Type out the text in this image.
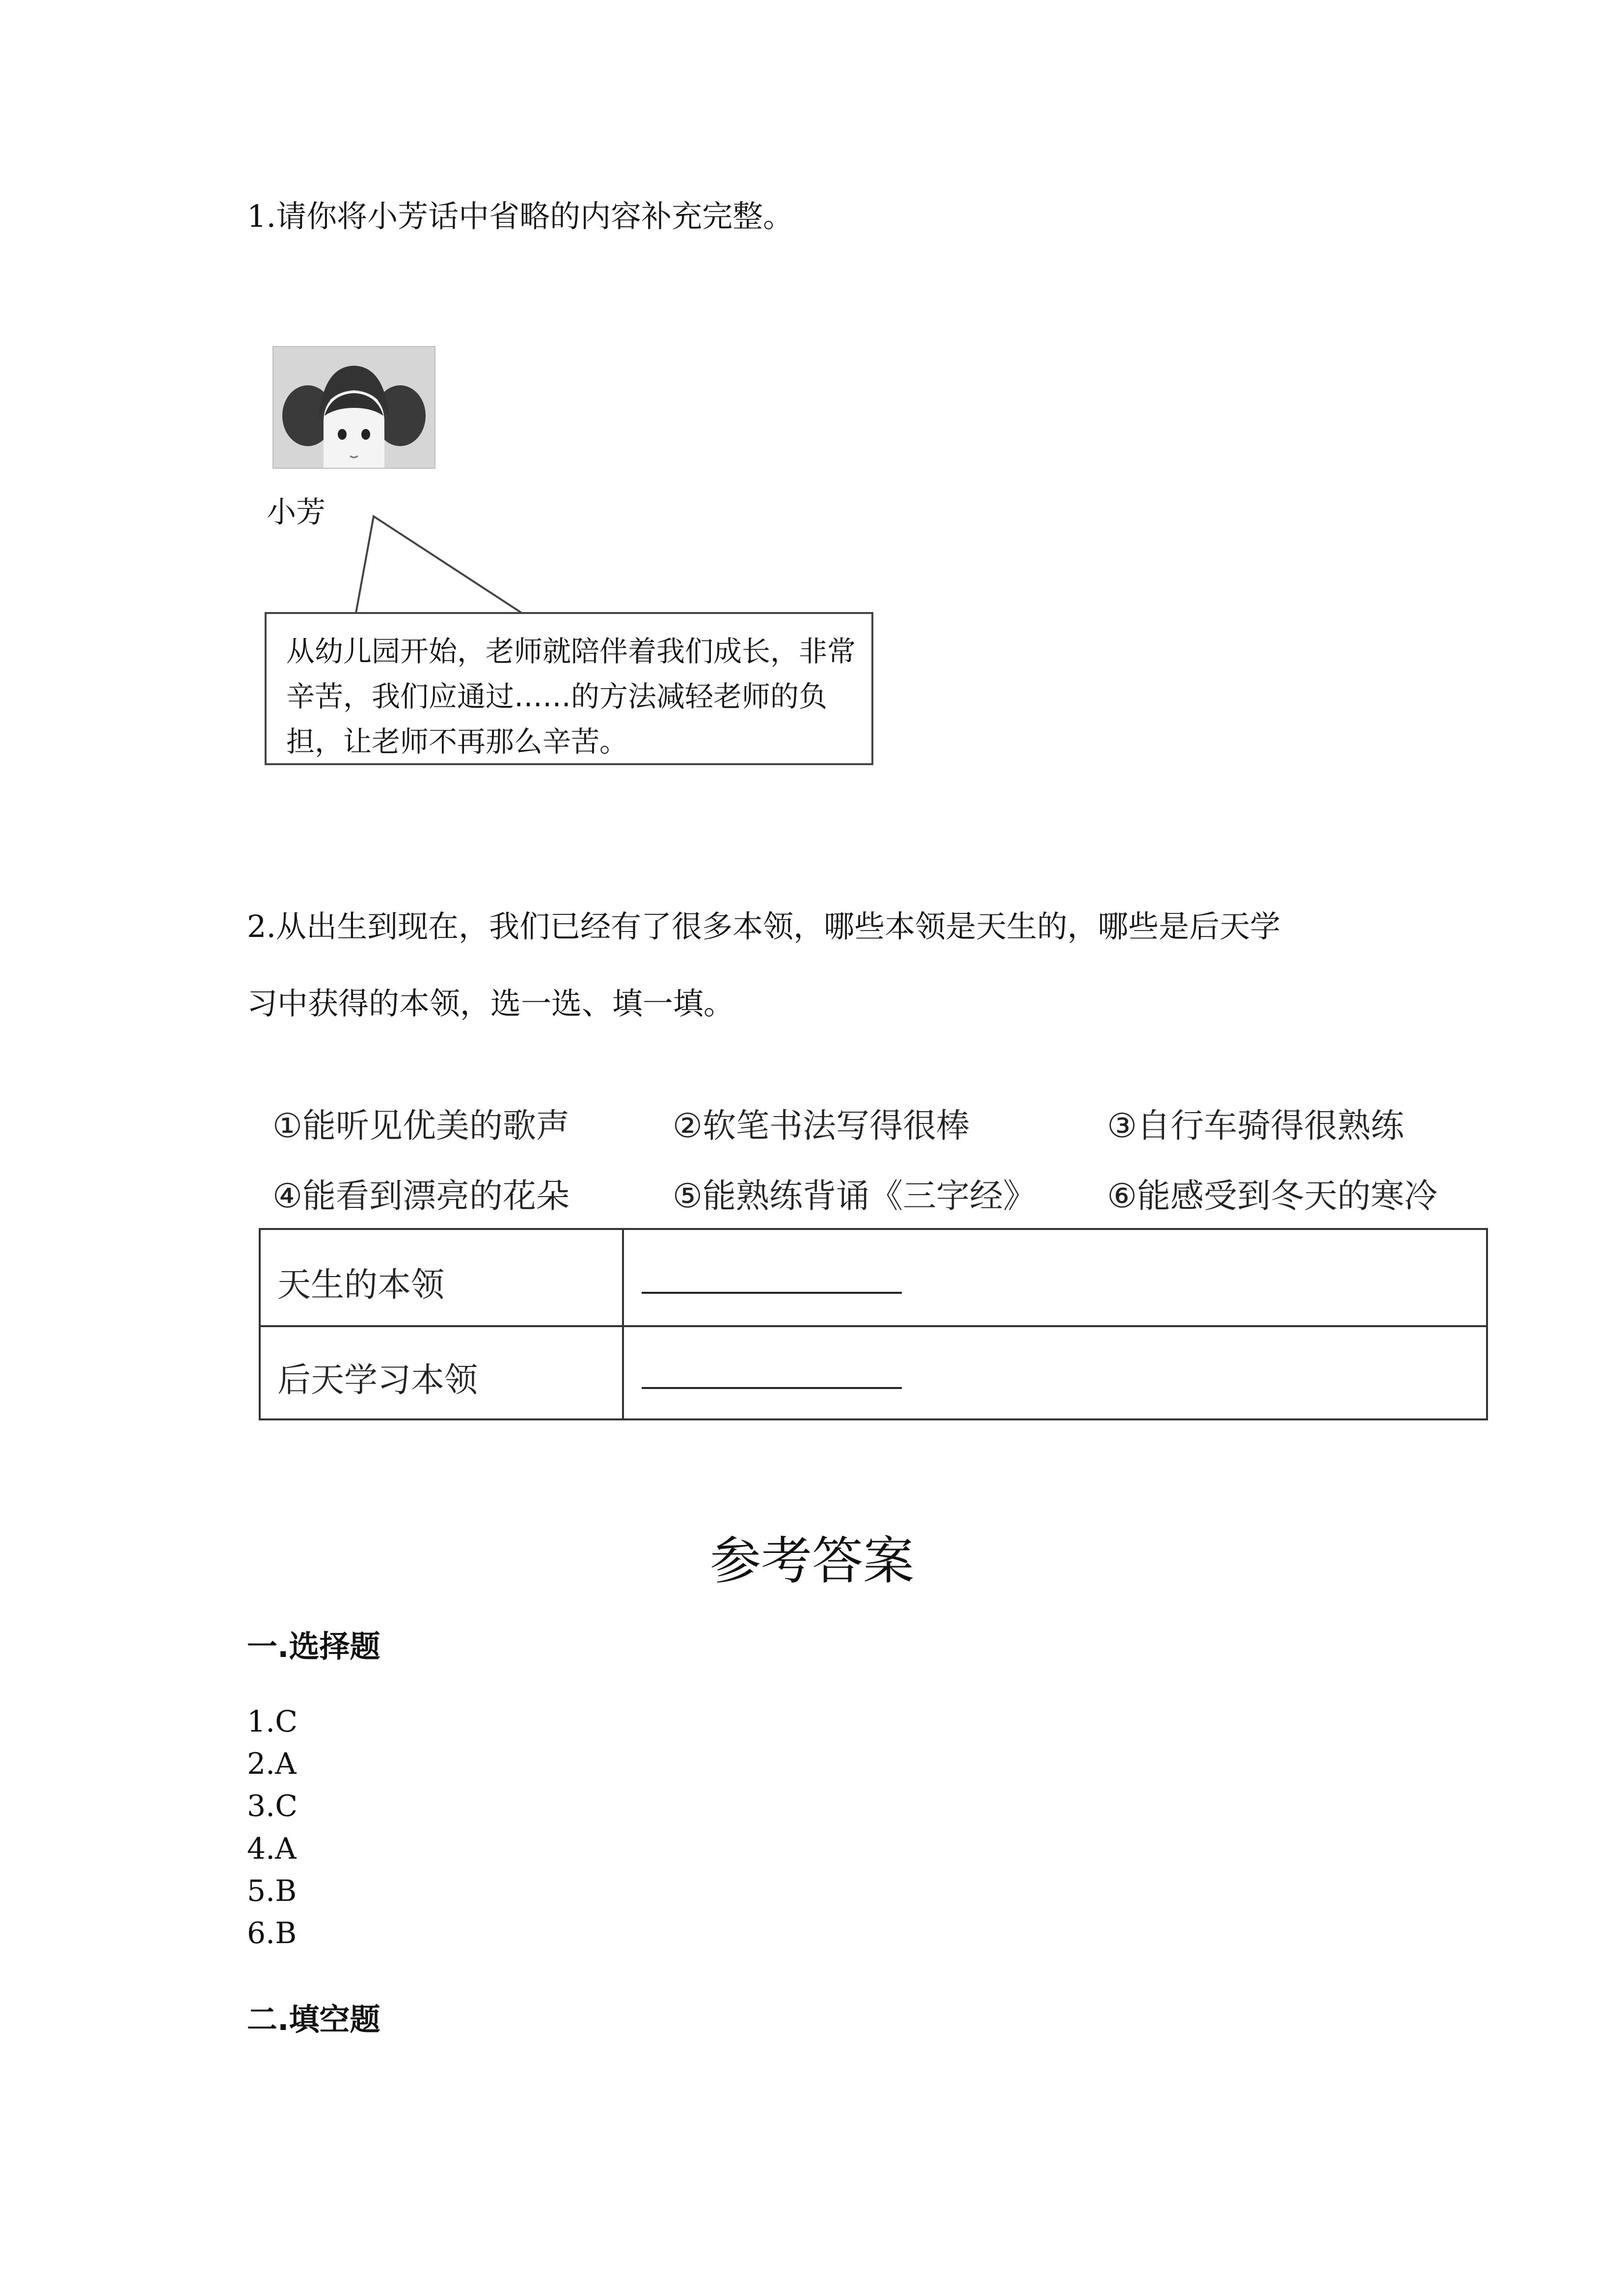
1.请你将小芳话中省略的内容补充完整。
小芳
从幼儿园开始，老师就陪伴着我们成长，非常
辛苦，我们应通过……的方法减轻老师的负
担，让老师不再那么辛苦。
2.从出生到现在，我们已经有了很多本领，哪些本领是天生的，哪些是后天学
习中获得的本领，选一选、填一填。
①能听见优美的歌声	②软笔书法写得很棒	③自行车骑得很熟练
④能看到漂亮的花朵	⑤能熟练背诵《三字经》 ⑥能感受到冬天的寒冷
天生的本领
后天学习本领
参考答案
一.选择题
1.C
2.A
3.C
4.A
5.B
6.B
二.填空题
